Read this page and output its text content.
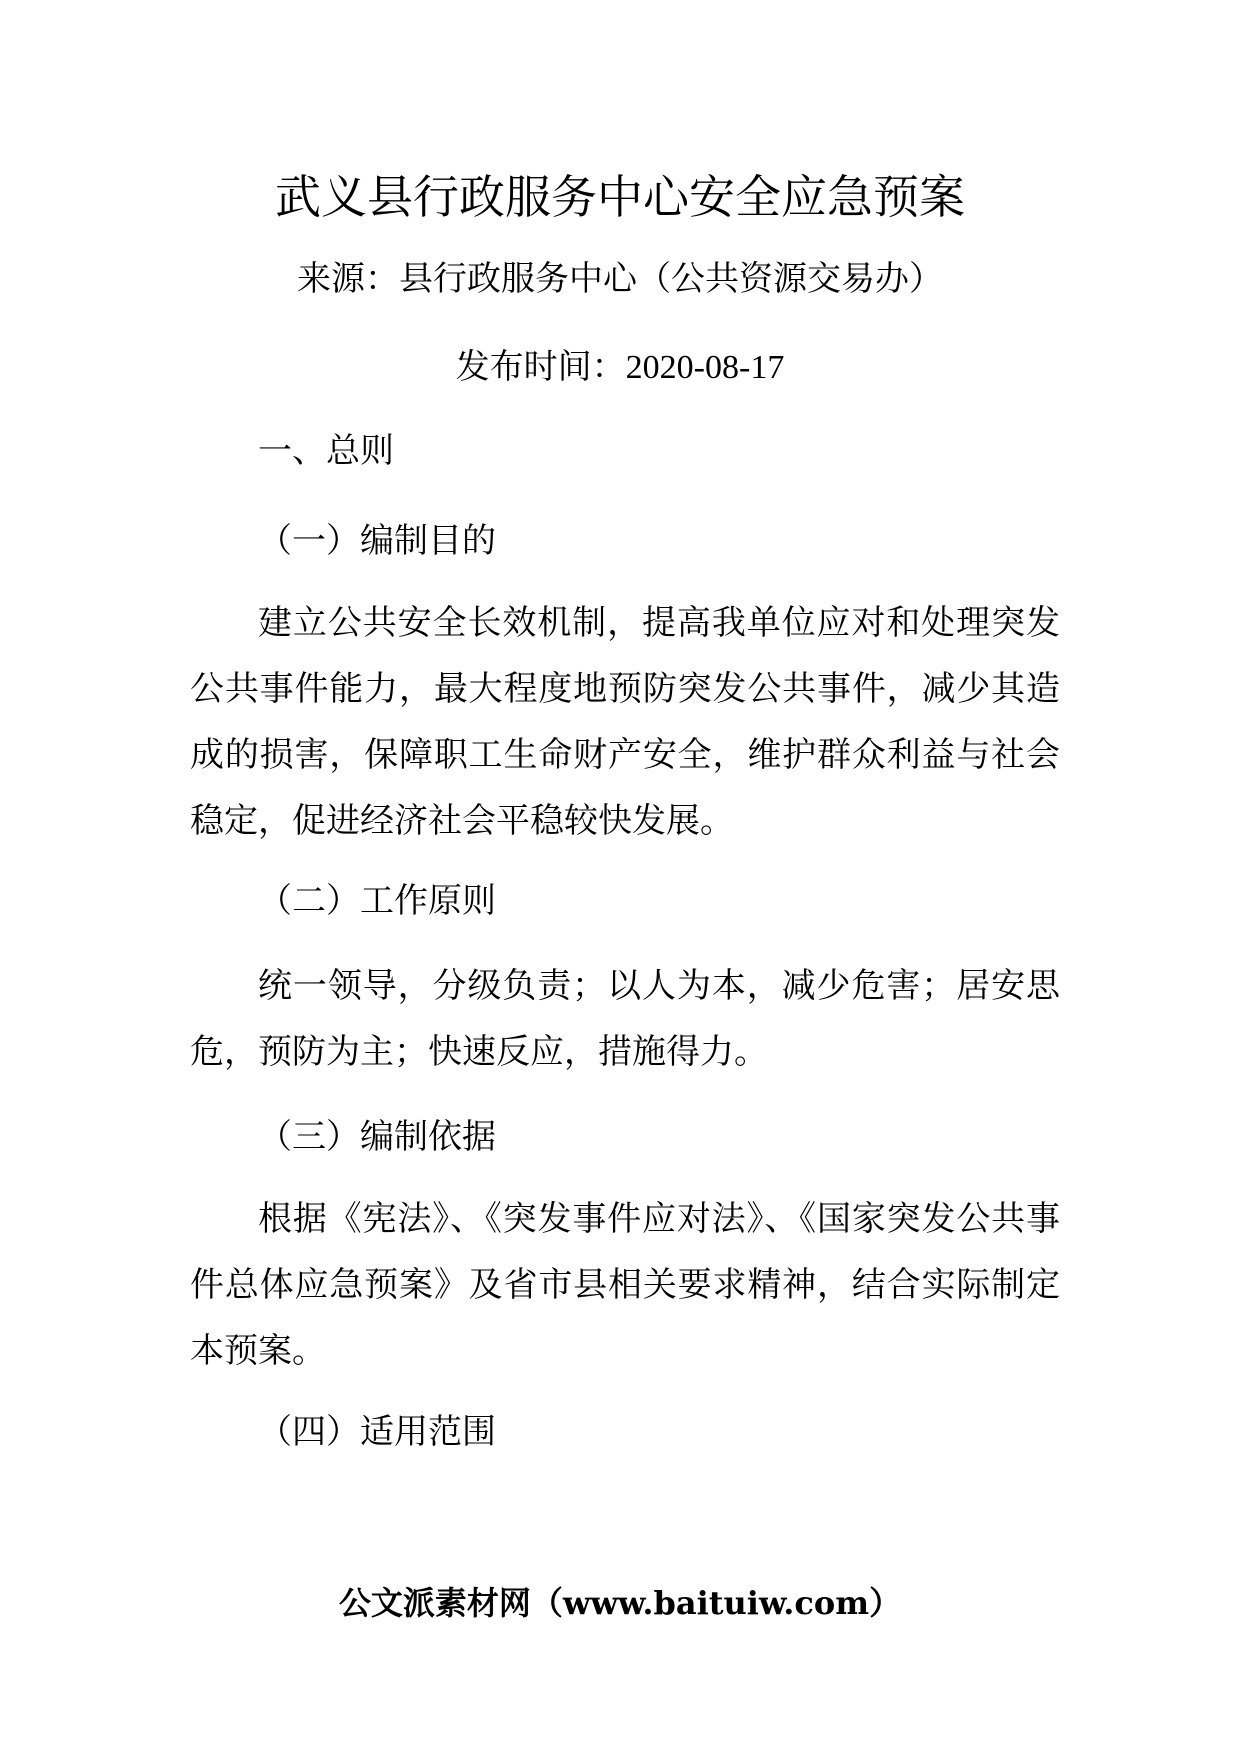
武义县行政服务中心安全应急预案
来源：县行政服务中心（公共资源交易办）
发布时间：2020-08-17
一、总则
（一）编制目的
建立公共安全长效机制，提高我单位应对和处理突发公共事件能力，最大程度地预防突发公共事件，减少其造成的损害，保障职工生命财产安全，维护群众利益与社会稳定，促进经济社会平稳较快发展。
（二）工作原则
统一领导，分级负责；以人为本，减少危害；居安思危，预防为主；快速反应，措施得力。
（三）编制依据
根据《宪法》、《突发事件应对法》、《国家突发公共事件总体应急预案》及省市县相关要求精神，结合实际制定本预案。
（四）适用范围
公文派素材网（www.baituiw.com）
